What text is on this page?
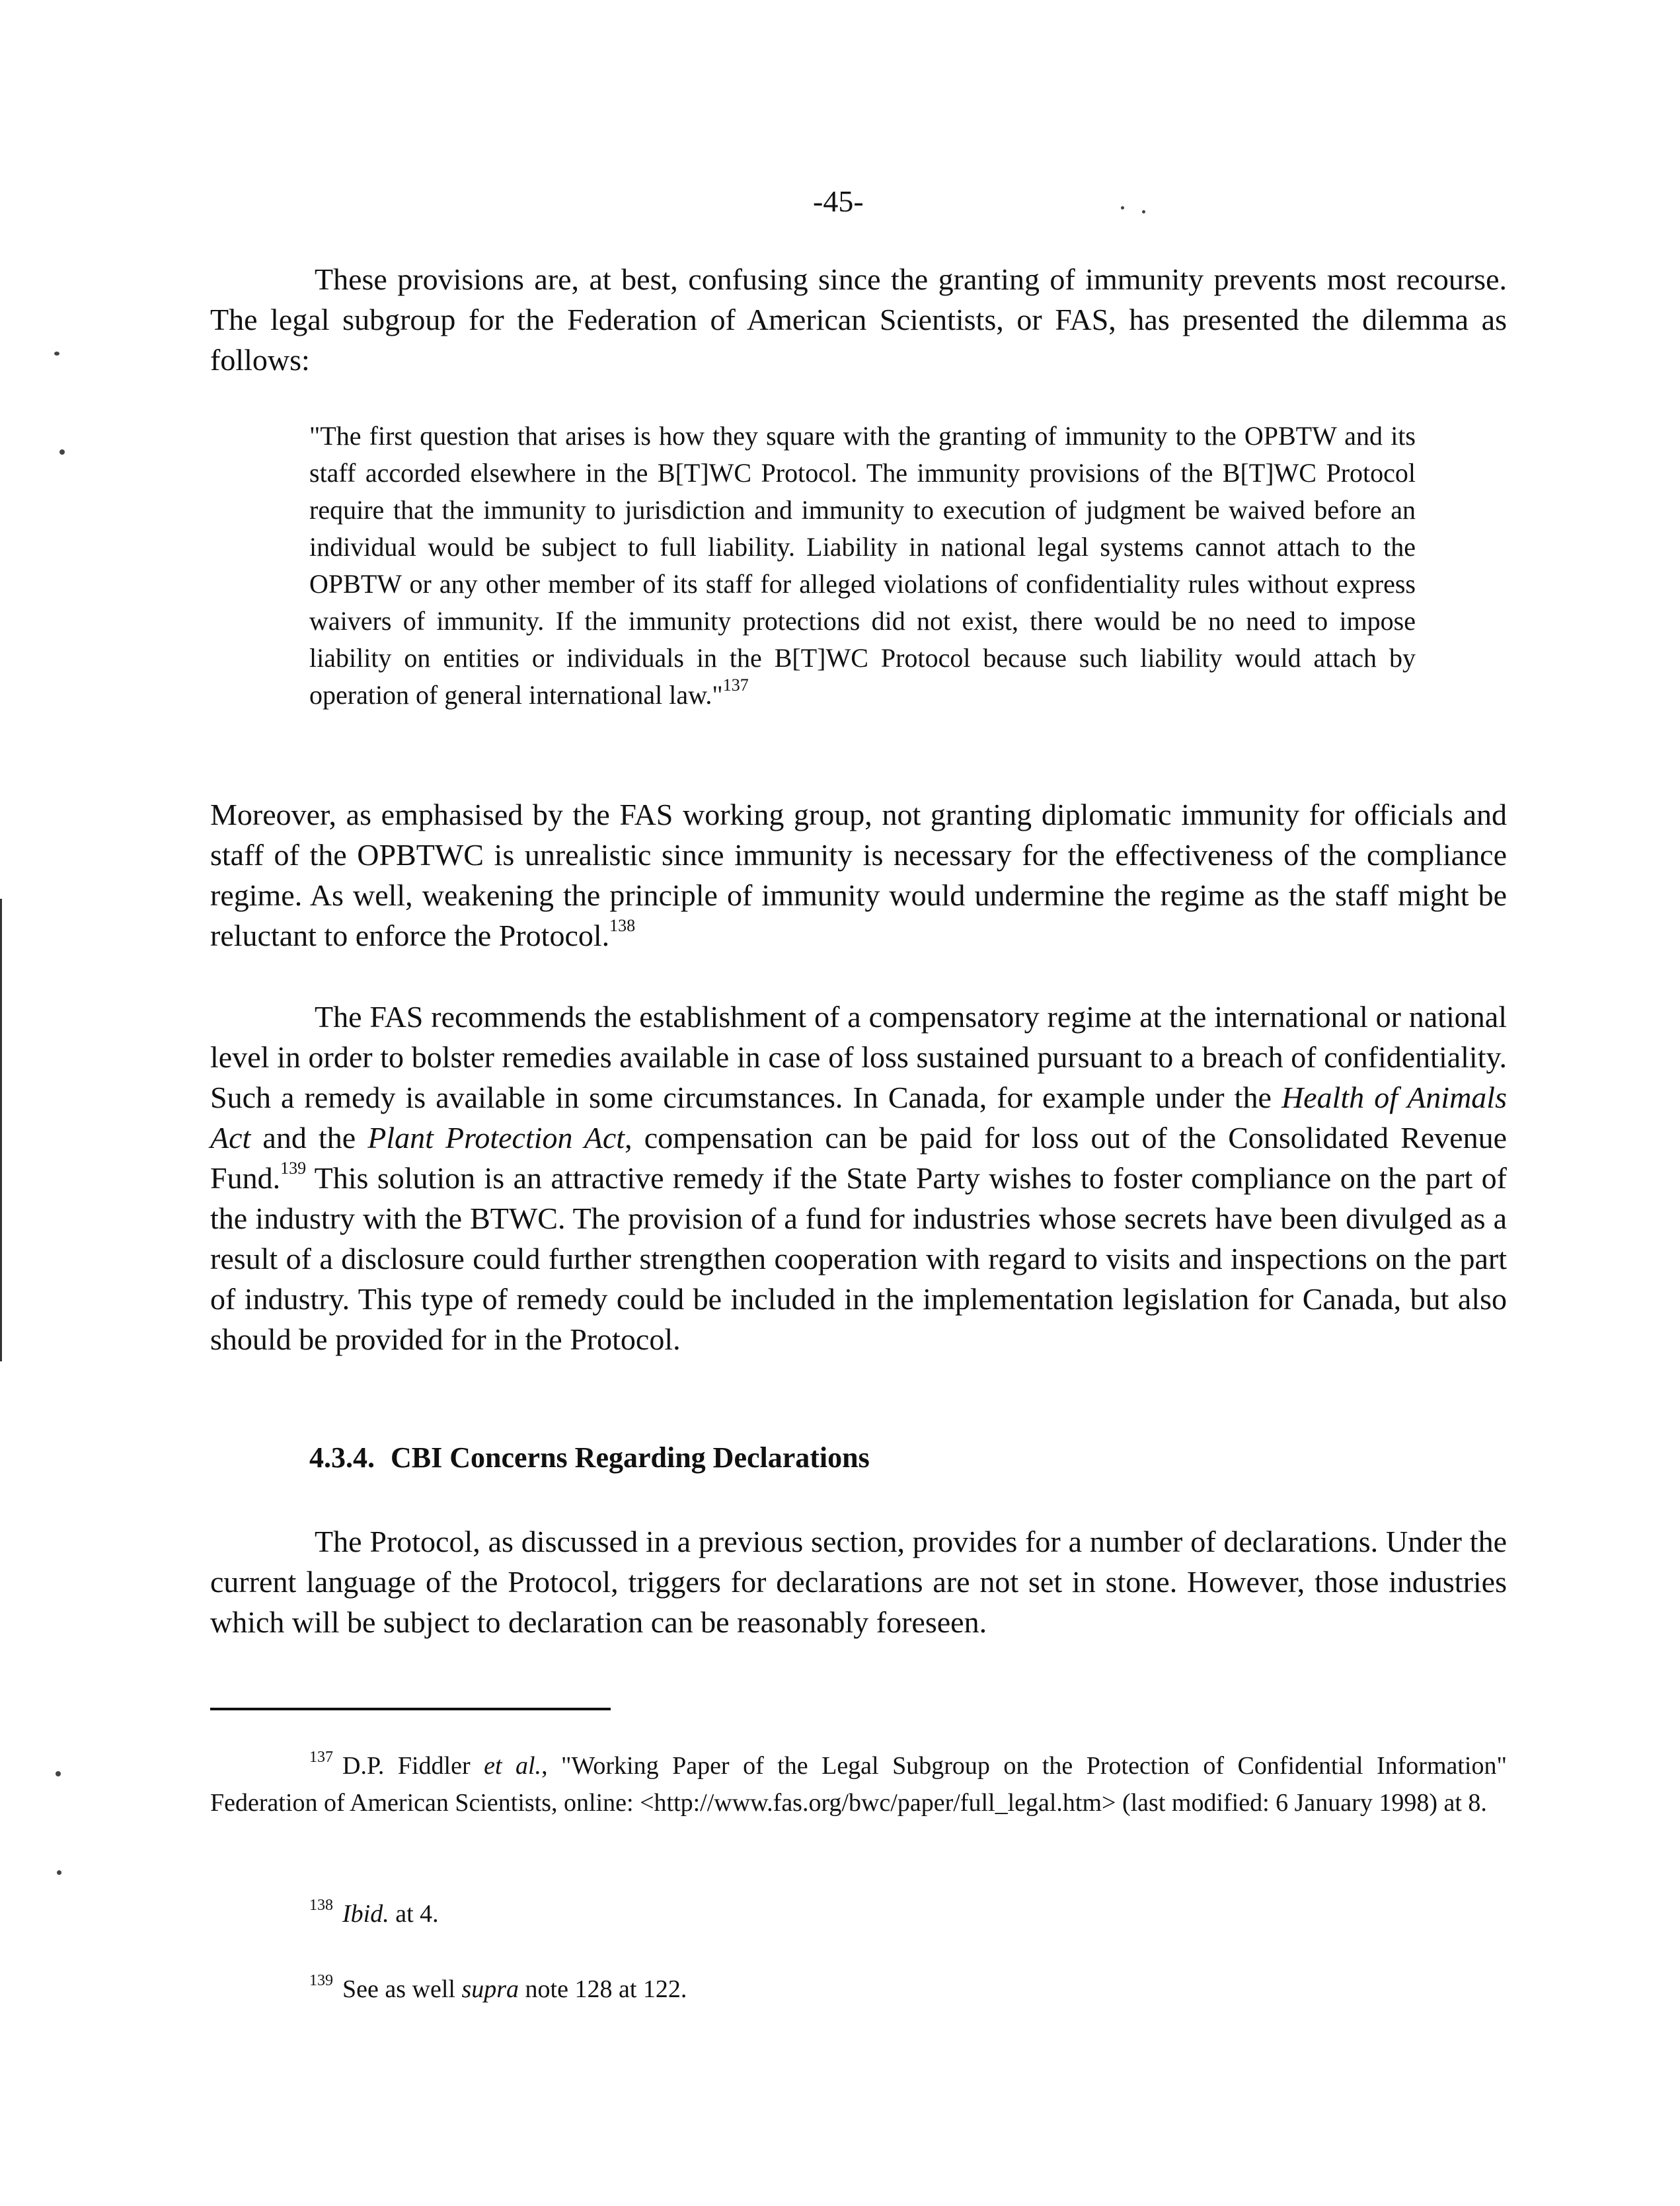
-45-

These provisions are, at best, confusing since the granting of immunity prevents most recourse. The legal subgroup for the Federation of American Scientists, or FAS, has presented the dilemma as follows:

"The first question that arises is how they square with the granting of immunity to the OPBTW and its staff accorded elsewhere in the B[T]WC Protocol. The immunity provisions of the B[T]WC Protocol require that the immunity to jurisdiction and immunity to execution of judgment be waived before an individual would be subject to full liability. Liability in national legal systems cannot attach to the OPBTW or any other member of its staff for alleged violations of confidentiality rules without express waivers of immunity. If the immunity protections did not exist, there would be no need to impose liability on entities or individuals in the B[T]WC Protocol because such liability would attach by operation of general international law."$^{137}$

Moreover, as emphasised by the FAS working group, not granting diplomatic immunity for officials and staff of the OPBTWC is unrealistic since immunity is necessary for the effectiveness of the compliance regime. As well, weakening the principle of immunity would undermine the regime as the staff might be reluctant to enforce the Protocol.$^{138}$

The FAS recommends the establishment of a compensatory regime at the international or national level in order to bolster remedies available in case of loss sustained pursuant to a breach of confidentiality. Such a remedy is available in some circumstances. In Canada, for example under the Health of Animals Act and the Plant Protection Act, compensation can be paid for loss out of the Consolidated Revenue Fund.$^{139}$ This solution is an attractive remedy if the State Party wishes to foster compliance on the part of the industry with the BTWC. The provision of a fund for industries whose secrets have been divulged as a result of a disclosure could further strengthen cooperation with regard to visits and inspections on the part of industry. This type of remedy could be included in the implementation legislation for Canada, but also should be provided for in the Protocol.

4.3.4. CBI Concerns Regarding Declarations

The Protocol, as discussed in a previous section, provides for a number of declarations. Under the current language of the Protocol, triggers for declarations are not set in stone. However, those industries which will be subject to declaration can be reasonably foreseen.

$^{137}$ D.P. Fiddler et al., "Working Paper of the Legal Subgroup on the Protection of Confidential Information" Federation of American Scientists, online: <http://www.fas.org/bwc/paper/full_legal.htm> (last modified: 6 January 1998) at 8.

$^{138}$ Ibid. at 4.

$^{139}$ See as well supra note 128 at 122.
